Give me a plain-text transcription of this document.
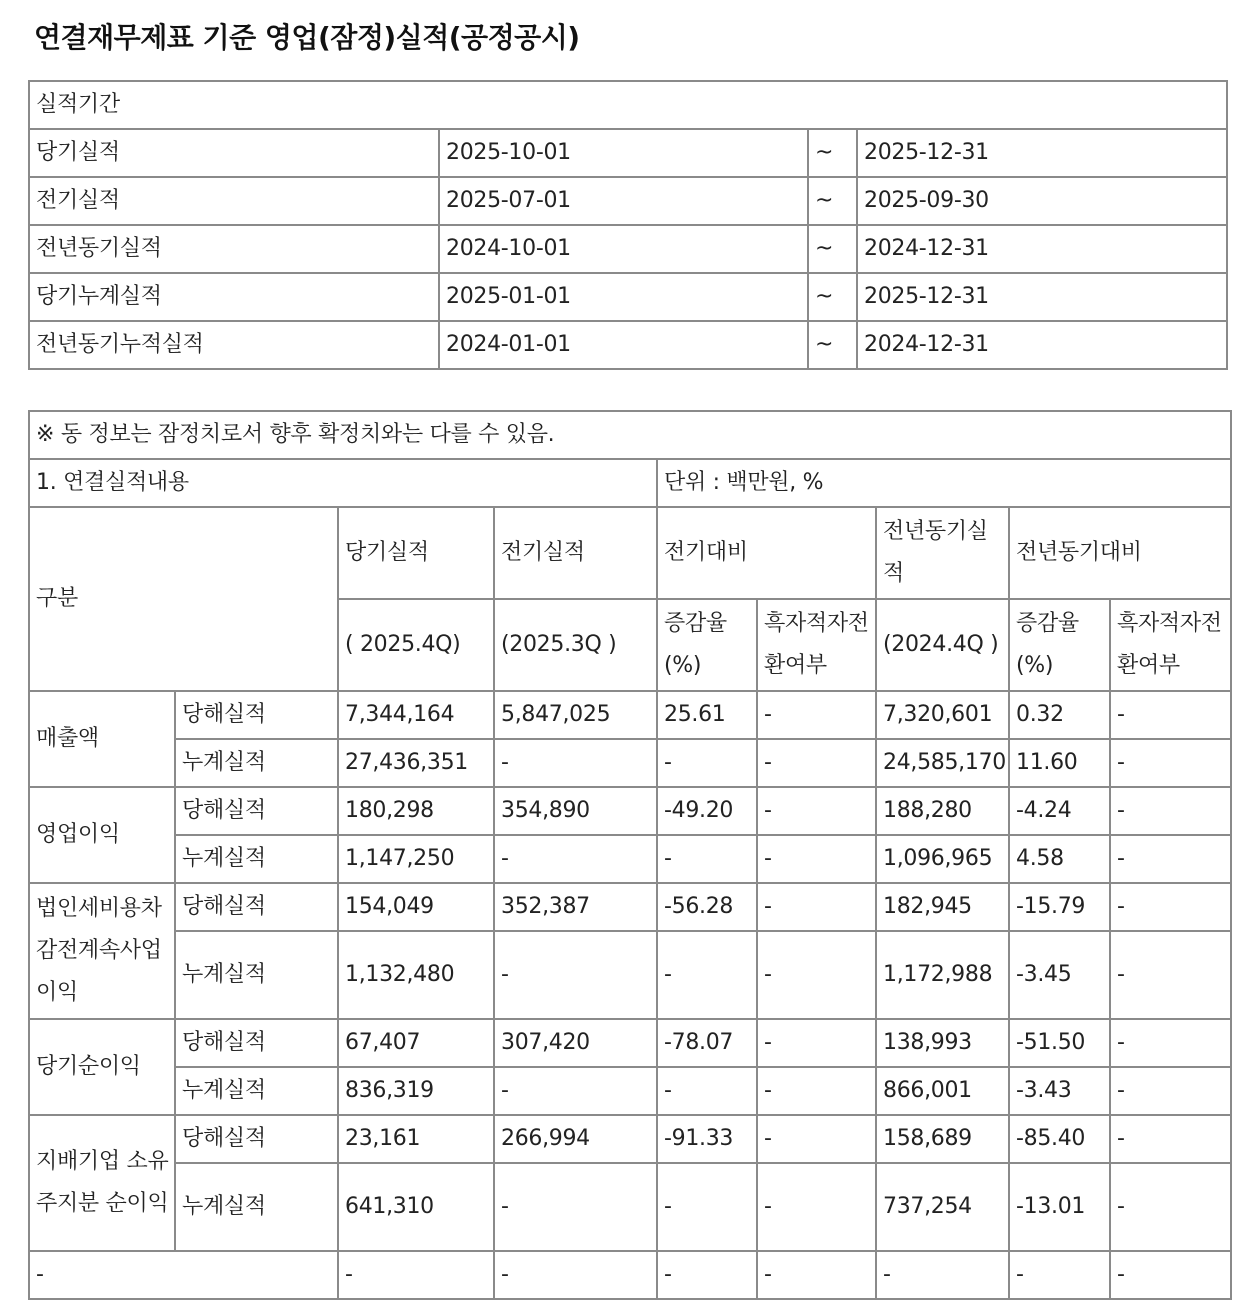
연결재무제표 기준 영업(잠정)실적(공정공시)
실적기간			
당기실적	2025-10-01	~	2025-12-31
전기실적	2025-07-01	~	2025-09-30
전년동기실적	2024-10-01	~	2024-12-31
당기누계실적	2025-01-01	~	2025-12-31
전년동기누적실적	2024-01-01	~	2024-12-31
※ 동 정보는 잠정치로서 향후 확정치와는 다를 수 있음.								
1. 연결실적내용				단위 : 백만원, %				
구분		당기실적	전기실적	전기대비		전년동기실적	전년동기대비	
		( 2025.4Q)	(2025.3Q )	증감율(%)	흑자적자전환여부	(2024.4Q )	증감율(%)	흑자적자전환여부
매출액	당해실적	7,344,164	5,847,025	25.61	-	7,320,601	0.32	-
	누계실적	27,436,351	-	-	-	24,585,170	11.60	-
영업이익	당해실적	180,298	354,890	-49.20	-	188,280	-4.24	-
	누계실적	1,147,250	-	-	-	1,096,965	4.58	-
법인세비용차감전계속사업이익	당해실적	154,049	352,387	-56.28	-	182,945	-15.79	-
	누계실적	1,132,480	-	-	-	1,172,988	-3.45	-
당기순이익	당해실적	67,407	307,420	-78.07	-	138,993	-51.50	-
	누계실적	836,319	-	-	-	866,001	-3.43	-
지배기업 소유주지분 순이익	당해실적	23,161	266,994	-91.33	-	158,689	-85.40	-
	누계실적	641,310	-	-	-	737,254	-13.01	-
-		-	-	-	-	-	-	-
